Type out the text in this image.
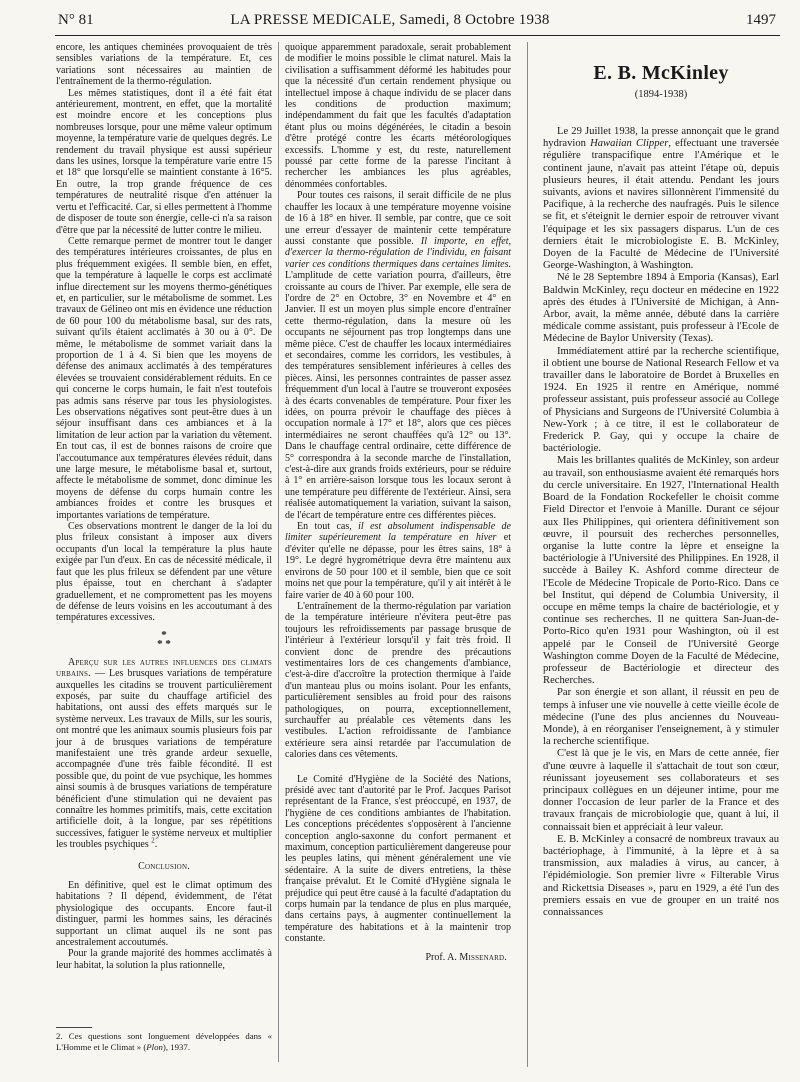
N° 81	LA PRESSE MEDICALE, Samedi, 8 Octobre 1938	1497

encore, les antiques cheminées provoquaient de très sensibles variations de la température. Et, ces variations sont nécessaires au maintien de l'entraînement de la thermo-régulation.

Les mêmes statistiques, dont il a été fait état antérieurement, montrent, en effet, que la mortalité est moindre encore et les conceptions plus nombreuses lorsque, pour une même valeur optimum moyenne, la température varie de quelques degrés. Le rendement du travail physique est aussi supérieur dans les usines, lorsque la température varie entre 15 et 18° que lorsqu'elle se maintient constante à 16°5. En outre, la trop grande fréquence de ces températures de neutralité risque d'en atténuer la vertu et l'efficacité. Car, si elles permettent à l'homme de disposer de toute son énergie, celle-ci n'a sa raison d'être que par la nécessité de lutter contre le milieu.

Cette remarque permet de montrer tout le danger des températures intérieures croissantes, de plus en plus fréquemment exigées. Il semble bien, en effet, que la température à laquelle le corps est acclimaté influe directement sur les moyens thermo-génétiques et, en particulier, sur le métabolisme de sommet. Les travaux de Gélineo ont mis en évidence une réduction de 60 pour 100 du métabolisme basal, sur des rats, suivant qu'ils étaient acclimatés à 30 ou à 0°. De même, le métabolisme de sommet variait dans la proportion de 1 à 4. Si bien que les moyens de défense des animaux acclimatés à des températures élevées se trouvaient considérablement réduits. En ce qui concerne le corps humain, le fait n'est toutefois pas admis sans réserve par tous les physiologistes. Les observations négatives sont peut-être dues à un séjour insuffisant dans ces ambiances et à la limitation de leur action par la variation du vêtement. En tout cas, il est de bonnes raisons de croire que l'accoutumance aux températures élevées réduit, dans une large mesure, le métabolisme basal et, surtout, affecte le métabolisme de sommet, donc diminue les moyens de défense du corps humain contre les ambiances froides et contre les brusques et importantes variations de température.

Ces observations montrent le danger de la loi du plus frileux consistant à imposer aux divers occupants d'un local la température la plus haute exigée par l'un d'eux. En cas de nécessité médicale, il faut que les plus frileux se défendent par une vêture plus épaisse, tout en cherchant à s'adapter graduellement, et ne compromettent pas les moyens de défense de leurs voisins en les accoutumant à des températures excessives.

*
* *

Aperçu sur les autres influences des climats urbains. — Les brusques variations de température auxquelles les citadins se trouvent particulièrement exposés, par suite du chauffage artificiel des habitations, ont aussi des effets marqués sur le système nerveux. Les travaux de Mills, sur les souris, ont montré que les animaux soumis plusieurs fois par jour à de brusques variations de température manifestaient une très grande ardeur sexuelle, accompagnée d'une très faible fécondité. Il est possible que, du point de vue psychique, les hommes ainsi soumis à de brusques variations de température bénéficient d'une stimulation qui ne devaient pas connaître les hommes primitifs, mais, cette excitation artificielle doit, à la longue, par ses répétitions successives, fatiguer le système nerveux et multiplier les troubles psychiques $^2$.

Conclusion.

En définitive, quel est le climat optimum des habitations ? Il dépend, évidemment, de l'état physiologique des occupants. Encore faut-il distinguer, parmi les hommes sains, les déracinés supportant un climat auquel ils ne sont pas ancestralement accoutumés.

Pour la grande majorité des hommes acclimatés à leur habitat, la solution la plus rationnelle,

2. Ces questions sont longuement développées dans « L'Homme et le Climat » (Plon), 1937.

quoique apparemment paradoxale, serait probablement de modifier le moins possible le climat naturel. Mais la civilisation a suffisamment déformé les habitudes pour que la nécessité d'un certain rendement physique ou intellectuel impose à chaque individu de se placer dans les conditions de production maximum; indépendamment du fait que les facultés d'adaptation étant plus ou moins dégénérées, le citadin a besoin d'être protégé contre les écarts météorologiques excessifs. L'homme y est, du reste, naturellement poussé par cette forme de la paresse l'incitant à rechercher les ambiances les plus agréables, dénommées confortables.

Pour toutes ces raisons, il serait difficile de ne plus chauffer les locaux à une température moyenne voisine de 16 à 18° en hiver. Il semble, par contre, que ce soit une erreur d'essayer de maintenir cette température aussi constante que possible. Il importe, en effet, d'exercer la thermo-régulation de l'individu, en faisant varier ces conditions thermiques dans certaines limites. L'amplitude de cette variation pourra, d'ailleurs, être croissante au cours de l'hiver. Par exemple, elle sera de l'ordre de 2° en Octobre, 3° en Novembre et 4° en Janvier. Il est un moyen plus simple encore d'entraîner cette thermo-régulation, dans la mesure où les occupants ne séjournent pas trop longtemps dans une même pièce. C'est de chauffer les locaux intermédiaires et secondaires, comme les corridors, les vestibules, à des températures sensiblement inférieures à celles des pièces. Ainsi, les personnes contraintes de passer assez fréquemment d'un local à l'autre se trouveront exposées à des écarts convenables de température. Pour fixer les idées, on pourra prévoir le chauffage des pièces à occupation normale à 17° et 18°, alors que ces pièces intermédiaires ne seront chauffées qu'à 12° ou 13°. Dans le chauffage central ordinaire, cette différence de 5° correspondra à la seconde marche de l'installation, c'est-à-dire aux grands froids extérieurs, pour se réduire à 1° en arrière-saison lorsque tous les locaux seront à une température peu différente de l'extérieur. Ainsi, sera réalisée automatiquement la variation, suivant la saison, de l'écart de température entre ces différentes pièces.

En tout cas, il est absolument indispensable de limiter supérieurement la température en hiver et d'éviter qu'elle ne dépasse, pour les êtres sains, 18° à 19°. Le degré hygrométrique devra être maintenu aux environs de 50 pour 100 et il semble, bien que ce soit moins net que pour la température, qu'il y ait intérêt à le faire varier de 40 à 60 pour 100.

L'entraînement de la thermo-régulation par variation de la température intérieure n'évitera peut-être pas toujours les refroidissements par passage brusque de l'intérieur à l'extérieur lorsqu'il y fait très froid. Il convient donc de prendre des précautions vestimentaires lors de ces changements d'ambiance, c'est-à-dire d'accroître la protection thermique à l'aide d'un manteau plus ou moins isolant. Pour les enfants, particulièrement sensibles au froid pour des raisons pathologiques, on pourra, exceptionnellement, surchauffer au préalable ces vêtements dans les vestibules. L'action refroidissante de l'ambiance extérieure sera ainsi retardée par l'accumulation de calories dans ces vêtements.

Le Comité d'Hygiène de la Société des Nations, présidé avec tant d'autorité par le Prof. Jacques Parisot représentant de la France, s'est préoccupé, en 1937, de l'hygiène de ces conditions ambiantes de l'habitation. Les conceptions précédentes s'opposèrent à l'ancienne conception anglo-saxonne du confort permanent et maximum, conception particulièrement dangereuse pour les peuples latins, qui mènent généralement une vie sédentaire. A la suite de divers entretiens, la thèse française prévalut. Et le Comité d'Hygiène signala le préjudice qui peut être causé à la faculté d'adaptation du corps humain par la tendance de plus en plus marquée, dans certains pays, à augmenter continuellement la température des habitations et à la maintenir trop constante.

Prof. A. Missenard.

E. B. McKinley
(1894-1938)

Le 29 Juillet 1938, la presse annonçait que le grand hydravion Hawaiian Clipper, effectuant une traversée régulière transpacifique entre l'Amérique et le continent jaune, n'avait pas atteint l'étape où, depuis plusieurs heures, il était attendu. Pendant les jours suivants, avions et navires sillonnèrent l'immensité du Pacifique, à la recherche des naufragés. Puis le silence se fit, et s'éteignit le dernier espoir de retrouver vivant l'équipage et les six passagers disparus. L'un de ces derniers était le microbiologiste E. B. McKinley, Doyen de la Faculté de Médecine de l'Université George-Washington, à Washington.

Né le 28 Septembre 1894 à Emporia (Kansas), Earl Baldwin McKinley, reçu docteur en médecine en 1922 après des études à l'Université de Michigan, à Ann-Arbor, avait, la même année, débuté dans la carrière médicale comme assistant, puis professeur à l'Ecole de Médecine de Baylor University (Texas).

Immédiatement attiré par la recherche scientifique, il obtient une bourse de National Research Fellow et va travailler dans le laboratoire de Bordet à Bruxelles en 1924. En 1925 il rentre en Amérique, nommé professeur assistant, puis professeur associé au College of Physicians and Surgeons de l'Université Columbia à New-York ; à ce titre, il est le collaborateur de Frederick P. Gay, qui y occupe la chaire de bactériologie.

Mais les brillantes qualités de McKinley, son ardeur au travail, son enthousiasme avaient été remarqués hors du cercle universitaire. En 1927, l'International Health Board de la Fondation Rockefeller le choisit comme Field Director et l'envoie à Manille. Durant ce séjour aux Iles Philippines, qui orientera définitivement son œuvre, il poursuit des recherches personnelles, organise la lutte contre la lèpre et enseigne la bactériologie à l'Université des Philippines. En 1928, il succède à Bailey K. Ashford comme directeur de l'Ecole de Médecine Tropicale de Porto-Rico. Dans ce bel Institut, qui dépend de Columbia University, il occupe en même temps la chaire de bactériologie, et y continue ses recherches. Il ne quittera San-Juan-de-Porto-Rico qu'en 1931 pour Washington, où il est appelé par le Conseil de l'Université George Washington comme Doyen de la Faculté de Médecine, professeur de Bactériologie et directeur des Recherches.

Par son énergie et son allant, il réussit en peu de temps à infuser une vie nouvelle à cette vieille école de médecine (l'une des plus anciennes du Nouveau-Monde), à en réorganiser l'enseignement, à y stimuler la recherche scientifique.

C'est là que je le vis, en Mars de cette année, fier d'une œuvre à laquelle il s'attachait de tout son cœur, réunissant joyeusement ses collaborateurs et ses principaux collègues en un déjeuner intime, pour me donner l'occasion de leur parler de la France et des travaux français de microbiologie que, quant à lui, il connaissait bien et appréciait à leur valeur.

E. B. McKinley a consacré de nombreux travaux au bactériophage, à l'immunité, à la lèpre et à sa transmission, aux maladies à virus, au cancer, à l'épidémiologie. Son premier livre « Filterable Virus and Rickettsia Diseases », paru en 1929, a été l'un des premiers essais en vue de grouper en un traité nos connaissances
